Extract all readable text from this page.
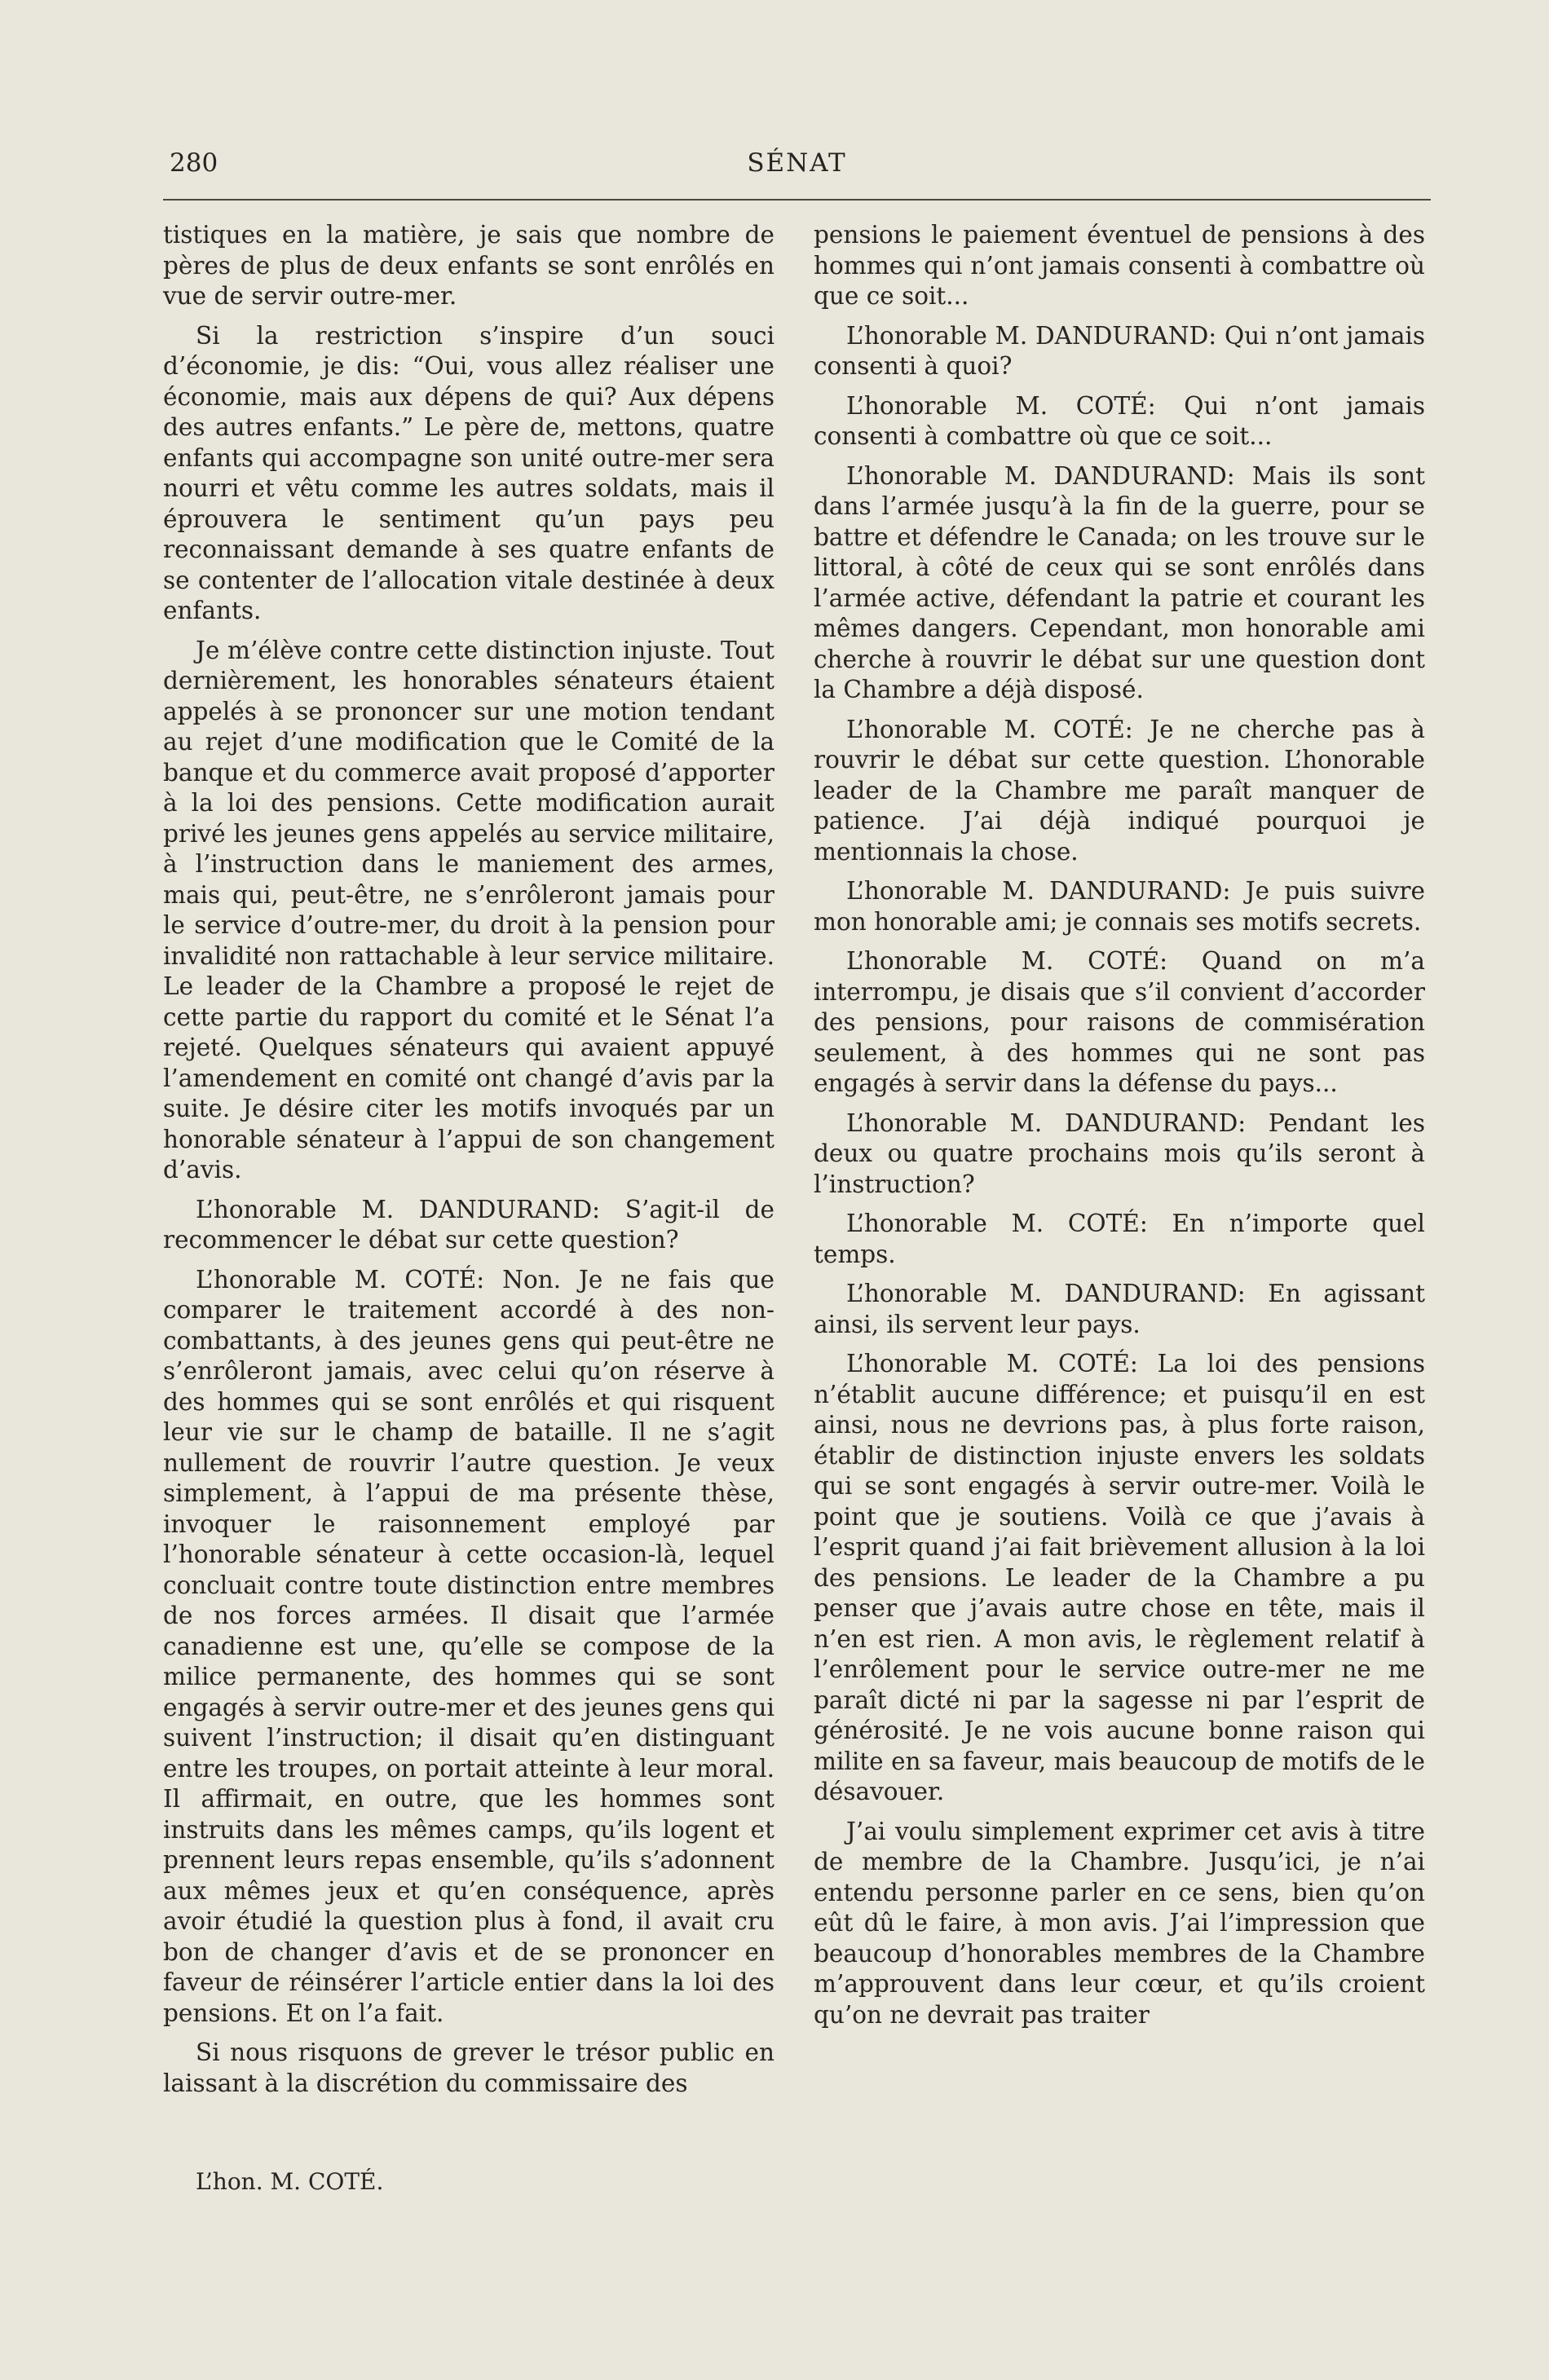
280	SÉNAT

tistiques en la matière, je sais que nombre de pères de plus de deux enfants se sont enrôlés en vue de servir outre-mer.

Si la restriction s’inspire d’un souci d’économie, je dis: “Oui, vous allez réaliser une économie, mais aux dépens de qui? Aux dépens des autres enfants.” Le père de, mettons, quatre enfants qui accompagne son unité outre-mer sera nourri et vêtu comme les autres soldats, mais il éprouvera le sentiment qu’un pays peu reconnaissant demande à ses quatre enfants de se contenter de l’allocation vitale destinée à deux enfants.

Je m’élève contre cette distinction injuste. Tout dernièrement, les honorables sénateurs étaient appelés à se prononcer sur une motion tendant au rejet d’une modification que le Comité de la banque et du commerce avait proposé d’apporter à la loi des pensions. Cette modification aurait privé les jeunes gens appelés au service militaire, à l’instruction dans le maniement des armes, mais qui, peut-être, ne s’enrôleront jamais pour le service d’outre-mer, du droit à la pension pour invalidité non rattachable à leur service militaire. Le leader de la Chambre a proposé le rejet de cette partie du rapport du comité et le Sénat l’a rejeté. Quelques sénateurs qui avaient appuyé l’amendement en comité ont changé d’avis par la suite. Je désire citer les motifs invoqués par un honorable sénateur à l’appui de son changement d’avis.

L’honorable M. DANDURAND: S’agit-il de recommencer le débat sur cette question?

L’honorable M. COTÉ: Non. Je ne fais que comparer le traitement accordé à des non-combattants, à des jeunes gens qui peut-être ne s’enrôleront jamais, avec celui qu’on réserve à des hommes qui se sont enrôlés et qui risquent leur vie sur le champ de bataille. Il ne s’agit nullement de rouvrir l’autre question. Je veux simplement, à l’appui de ma présente thèse, invoquer le raisonnement employé par l’honorable sénateur à cette occasion-là, lequel concluait contre toute distinction entre membres de nos forces armées. Il disait que l’armée canadienne est une, qu’elle se compose de la milice permanente, des hommes qui se sont engagés à servir outre-mer et des jeunes gens qui suivent l’instruction; il disait qu’en distinguant entre les troupes, on portait atteinte à leur moral. Il affirmait, en outre, que les hommes sont instruits dans les mêmes camps, qu’ils logent et prennent leurs repas ensemble, qu’ils s’adonnent aux mêmes jeux et qu’en conséquence, après avoir étudié la question plus à fond, il avait cru bon de changer d’avis et de se prononcer en faveur de réinsérer l’article entier dans la loi des pensions. Et on l’a fait.

Si nous risquons de grever le trésor public en laissant à la discrétion du commissaire des

pensions le paiement éventuel de pensions à des hommes qui n’ont jamais consenti à combattre où que ce soit...

L’honorable M. DANDURAND: Qui n’ont jamais consenti à quoi?

L’honorable M. COTÉ: Qui n’ont jamais consenti à combattre où que ce soit...

L’honorable M. DANDURAND: Mais ils sont dans l’armée jusqu’à la fin de la guerre, pour se battre et défendre le Canada; on les trouve sur le littoral, à côté de ceux qui se sont enrôlés dans l’armée active, défendant la patrie et courant les mêmes dangers. Cependant, mon honorable ami cherche à rouvrir le débat sur une question dont la Chambre a déjà disposé.

L’honorable M. COTÉ: Je ne cherche pas à rouvrir le débat sur cette question. L’honorable leader de la Chambre me paraît manquer de patience. J’ai déjà indiqué pourquoi je mentionnais la chose.

L’honorable M. DANDURAND: Je puis suivre mon honorable ami; je connais ses motifs secrets.

L’honorable M. COTÉ: Quand on m’a interrompu, je disais que s’il convient d’accorder des pensions, pour raisons de commisération seulement, à des hommes qui ne sont pas engagés à servir dans la défense du pays...

L’honorable M. DANDURAND: Pendant les deux ou quatre prochains mois qu’ils seront à l’instruction?

L’honorable M. COTÉ: En n’importe quel temps.

L’honorable M. DANDURAND: En agissant ainsi, ils servent leur pays.

L’honorable M. COTÉ: La loi des pensions n’établit aucune différence; et puisqu’il en est ainsi, nous ne devrions pas, à plus forte raison, établir de distinction injuste envers les soldats qui se sont engagés à servir outre-mer. Voilà le point que je soutiens. Voilà ce que j’avais à l’esprit quand j’ai fait brièvement allusion à la loi des pensions. Le leader de la Chambre a pu penser que j’avais autre chose en tête, mais il n’en est rien. A mon avis, le règlement relatif à l’enrôlement pour le service outre-mer ne me paraît dicté ni par la sagesse ni par l’esprit de générosité. Je ne vois aucune bonne raison qui milite en sa faveur, mais beaucoup de motifs de le désavouer.

J’ai voulu simplement exprimer cet avis à titre de membre de la Chambre. Jusqu’ici, je n’ai entendu personne parler en ce sens, bien qu’on eût dû le faire, à mon avis. J’ai l’impression que beaucoup d’honorables membres de la Chambre m’approuvent dans leur cœur, et qu’ils croient qu’on ne devrait pas traiter

L’hon. M. COTÉ.
